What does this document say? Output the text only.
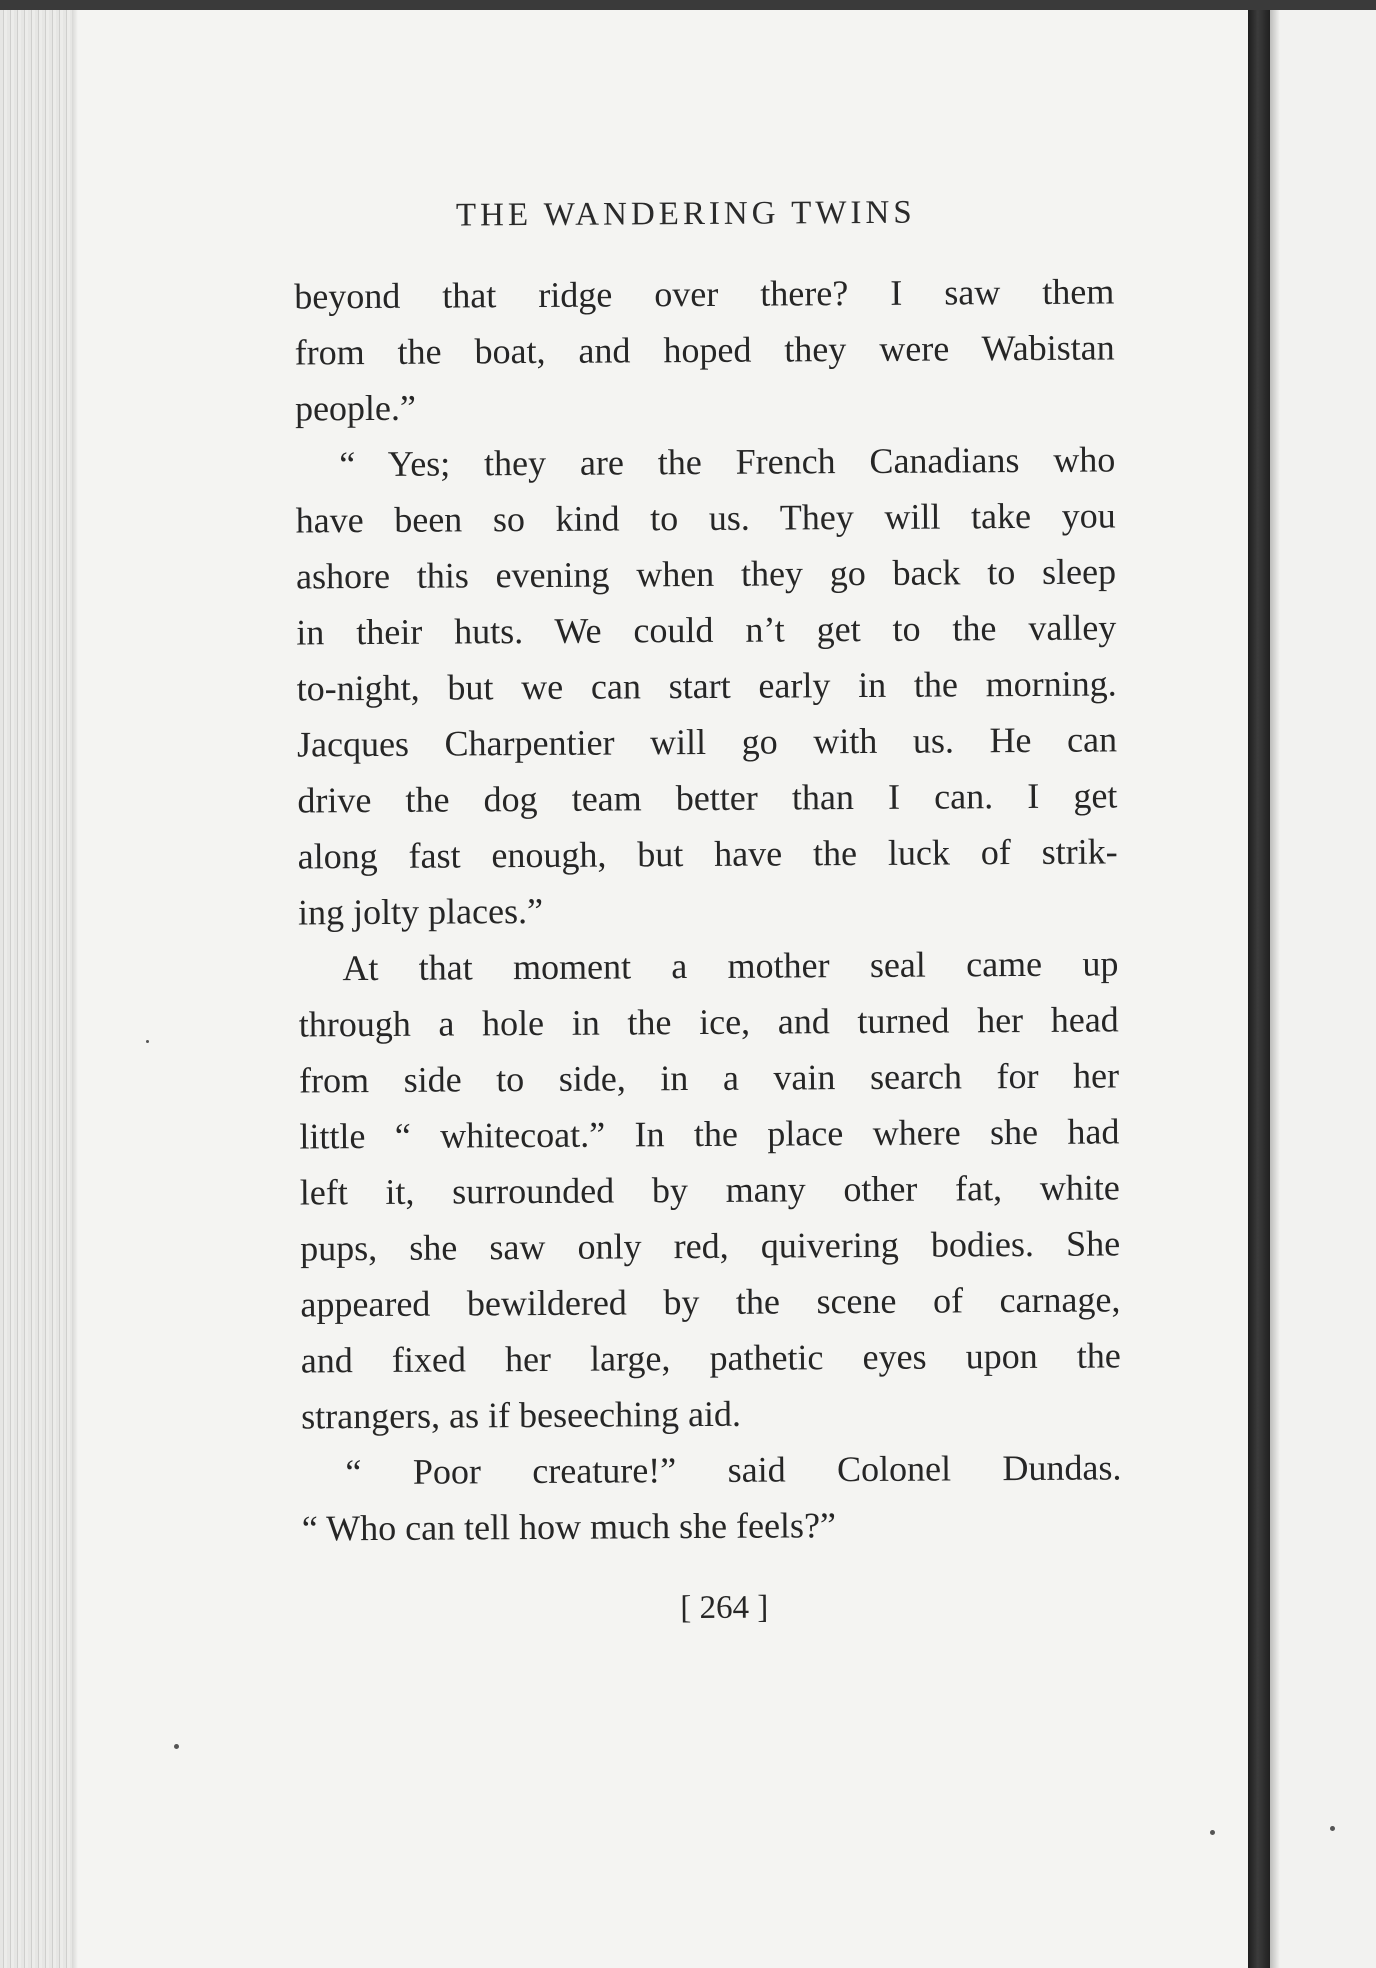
THE WANDERING TWINS
beyond that ridge over there? I saw them
from the boat, and hoped they were Wabistan
people.”
“ Yes; they are the French Canadians who
have been so kind to us. They will take you
ashore this evening when they go back to sleep
in their huts. We could n’t get to the valley
to-night, but we can start early in the morning.
Jacques Charpentier will go with us. He can
drive the dog team better than I can. I get
along fast enough, but have the luck of strik-
ing jolty places.”
At that moment a mother seal came up
through a hole in the ice, and turned her head
from side to side, in a vain search for her
little “ whitecoat.” In the place where she had
left it, surrounded by many other fat, white
pups, she saw only red, quivering bodies. She
appeared bewildered by the scene of carnage,
and fixed her large, pathetic eyes upon the
strangers, as if beseeching aid.
“ Poor creature!” said Colonel Dundas.
“ Who can tell how much she feels?”
[ 264 ]
